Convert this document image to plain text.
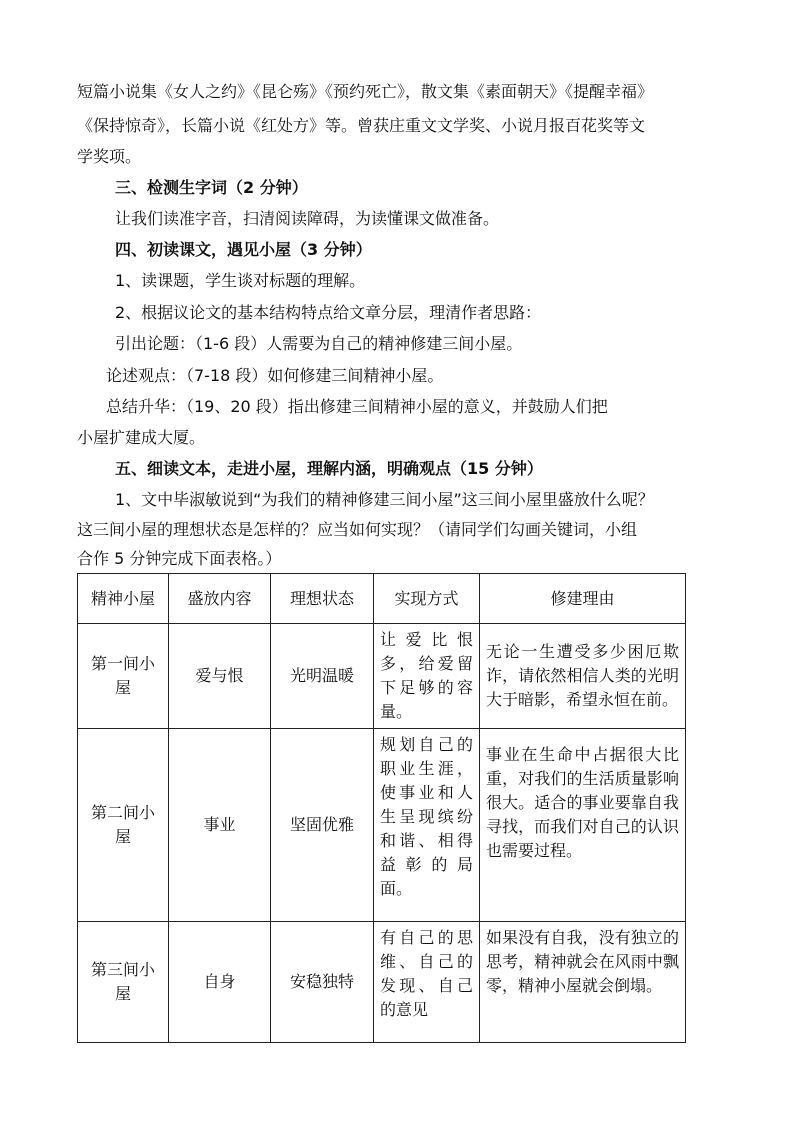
短篇小说集《女人之约》《昆仑殇》《预约死亡》，散文集《素面朝天》《提醒幸福》
《保持惊奇》，长篇小说《红处方》等。曾获庄重文文学奖、小说月报百花奖等文
学奖项。
三、检测生字词（2 分钟）
让我们读准字音，扫清阅读障碍，为读懂课文做准备。
四、初读课文，遇见小屋（3 分钟）
1、读课题，学生谈对标题的理解。
2、根据议论文的基本结构特点给文章分层，理清作者思路：
引出论题：（1-6 段）人需要为自己的精神修建三间小屋。
论述观点：（7-18 段）如何修建三间精神小屋。
总结升华：（19、20 段）指出修建三间精神小屋的意义，并鼓励人们把
小屋扩建成大厦。
五、细读文本，走进小屋，理解内涵，明确观点（15 分钟）
1、文中毕淑敏说到“为我们的精神修建三间小屋”这三间小屋里盛放什么呢？
这三间小屋的理想状态是怎样的？应当如何实现？（请同学们勾画关键词，小组
合作 5 分钟完成下面表格。）
精神小屋	盛放内容	理想状态	实现方式	修建理由
第一间小屋	爱与恨	光明温暖	让爱比恨多，给爱留下足够的容量。	无论一生遭受多少困厄欺诈，请依然相信人类的光明大于暗影，希望永恒在前。
第二间小屋	事业	坚固优雅	规划自己的职业生涯，使事业和人生呈现缤纷和谐、相得益彰的局面。	事业在生命中占据很大比重，对我们的生活质量影响很大。适合的事业要靠自我寻找，而我们对自己的认识也需要过程。
第三间小屋	自身	安稳独特	有自己的思维、自己的发现、自己的意见	如果没有自我，没有独立的思考，精神就会在风雨中飘零，精神小屋就会倒塌。
